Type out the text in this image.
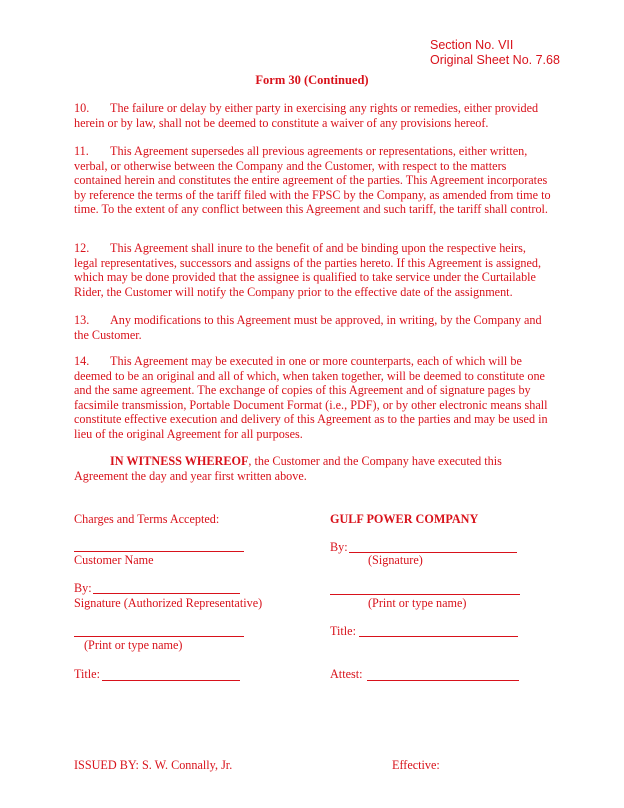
Section No. VII
Original Sheet No. 7.68
Form 30 (Continued)

10. The failure or delay by either party in exercising any rights or remedies, either provided herein or by law, shall not be deemed to constitute a waiver of any provisions hereof.

11. This Agreement supersedes all previous agreements or representations, either written, verbal, or otherwise between the Company and the Customer, with respect to the matters contained herein and constitutes the entire agreement of the parties. This Agreement incorporates by reference the terms of the tariff filed with the FPSC by the Company, as amended from time to time. To the extent of any conflict between this Agreement and such tariff, the tariff shall control.

12. This Agreement shall inure to the benefit of and be binding upon the respective heirs, legal representatives, successors and assigns of the parties hereto. If this Agreement is assigned, which may be done provided that the assignee is qualified to take service under the Curtailable Rider, the Customer will notify the Company prior to the effective date of the assignment.

13. Any modifications to this Agreement must be approved, in writing, by the Company and the Customer.

14. This Agreement may be executed in one or more counterparts, each of which will be deemed to be an original and all of which, when taken together, will be deemed to constitute one and the same agreement. The exchange of copies of this Agreement and of signature pages by facsimile transmission, Portable Document Format (i.e., PDF), or by other electronic means shall constitute effective execution and delivery of this Agreement as to the parties and may be used in lieu of the original Agreement for all purposes.

IN WITNESS WHEREOF, the Customer and the Company have executed this Agreement the day and year first written above.

Charges and Terms Accepted:
Customer Name
By:
Signature (Authorized Representative)
(Print or type name)
Title:
GULF POWER COMPANY
By:
(Signature)
(Print or type name)
Title:
Attest:
ISSUED BY: S. W. Connally, Jr.	Effective:
